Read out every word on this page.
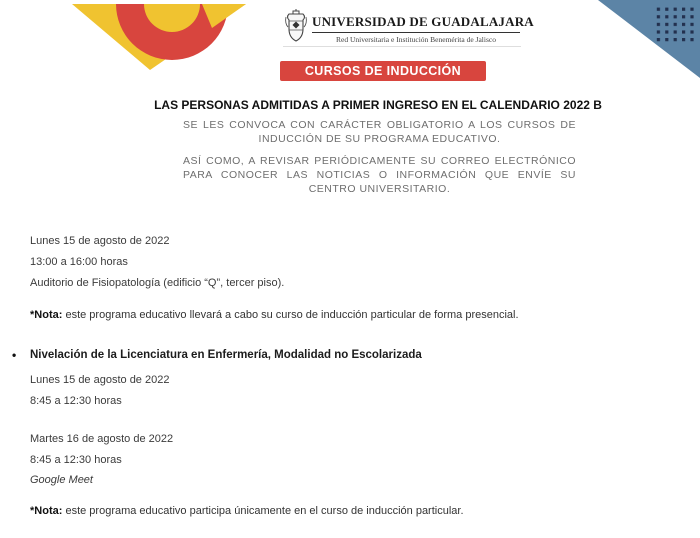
UNIVERSIDAD DE GUADALAJARA
Red Universitaria e Institución Benemérita de Jalisco
CURSOS DE INDUCCIÓN
LAS PERSONAS ADMITIDAS A PRIMER INGRESO EN EL CALENDARIO 2022 B

SE LES CONVOCA CON CARÁCTER OBLIGATORIO A LOS CURSOS DE INDUCCIÓN DE SU PROGRAMA EDUCATIVO.

ASÍ COMO, A REVISAR PERIÓDICAMENTE SU CORREO ELECTRÓNICO PARA CONOCER LAS NOTICIAS O INFORMACIÓN QUE ENVÍE SU CENTRO UNIVERSITARIO.

Lunes 15 de agosto de 2022
13:00 a 16:00 horas
Auditorio de Fisiopatología (edificio “Q”, tercer piso).
*Nota: este programa educativo llevará a cabo su curso de inducción particular de forma presencial.
• Nivelación de la Licenciatura en Enfermería, Modalidad no Escolarizada
Lunes 15 de agosto de 2022
8:45 a 12:30 horas
Martes 16 de agosto de 2022
8:45 a 12:30 horas
Google Meet
*Nota: este programa educativo participa únicamente en el curso de inducción particular.
